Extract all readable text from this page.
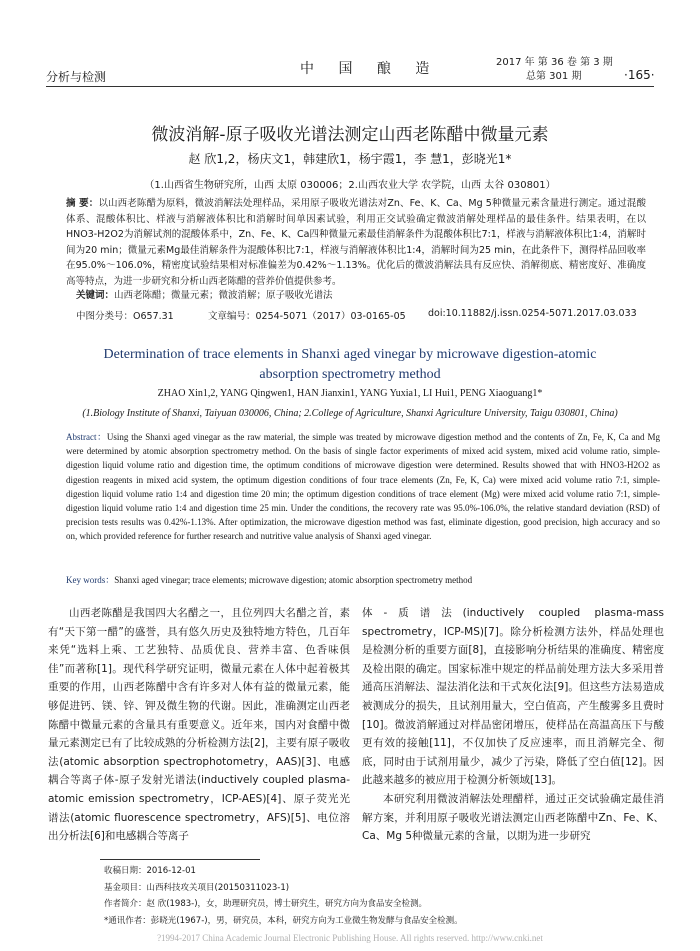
分析与检测	中 国 酿 造	2017 年 第 36 卷 第 3 期
总第 301 期	·165·
微波消解-原子吸收光谱法测定山西老陈醋中微量元素
赵 欣1,2，杨庆文1，韩建欣1，杨宇霞1，李 慧1，彭晓光1*
（1.山西省生物研究所，山西 太原 030006；2.山西农业大学 农学院，山西 太谷 030801）
摘 要：以山西老陈醋为原料，微波消解法处理样品，采用原子吸收光谱法对Zn、Fe、K、Ca、Mg 5种微量元素含量进行测定。通过混酸体系、混酸体积比、样液与消解液体积比和消解时间单因素试验，利用正交试验确定微波消解处理样品的最佳条件。结果表明，在以HNO3-H2O2为消解试剂的混酸体系中，Zn、Fe、K、Ca四种微量元素最佳消解条件为混酸体积比7:1，样液与消解液体积比1:4，消解时间为20 min；微量元素Mg最佳消解条件为混酸体积比7:1，样液与消解液体积比1:4，消解时间为25 min，在此条件下，测得样品回收率在95.0%～106.0%，精密度试验结果相对标准偏差为0.42%～1.13%。优化后的微波消解法具有反应快、消解彻底、精密度好、准确度高等特点，为进一步研究和分析山西老陈醋的营养价值提供参考。
关键词：山西老陈醋；微量元素；微波消解；原子吸收光谱法
中图分类号：O657.31	文章编号：0254-5071（2017）03-0165-05 doi:10.11882/j.issn.0254-5071.2017.03.033
Determination of trace elements in Shanxi aged vinegar by microwave digestion-atomic absorption spectrometry method
ZHAO Xin1,2, YANG Qingwen1, HAN Jianxin1, YANG Yuxia1, LI Hui1, PENG Xiaoguang1*
(1.Biology Institute of Shanxi, Taiyuan 030006, China; 2.College of Agriculture, Shanxi Agriculture University, Taigu 030801, China)
Abstract：Using the Shanxi aged vinegar as the raw material, the simple was treated by microwave digestion method and the contents of Zn, Fe, K, Ca and Mg were determined by atomic absorption spectrometry method. On the basis of single factor experiments of mixed acid system, mixed acid volume ratio, simple-digestion liquid volume ratio and digestion time, the optimum conditions of microwave digestion were determined. Results showed that with HNO3-H2O2 as digestion reagents in mixed acid system, the optimum digestion conditions of four trace elements (Zn, Fe, K, Ca) were mixed acid volume ratio 7:1, simple-digestion liquid volume ratio 1:4 and digestion time 20 min; the optimum digestion conditions of trace element (Mg) were mixed acid volume ratio 7:1, simple-digestion liquid volume ratio 1:4 and digestion time 25 min. Under the conditions, the recovery rate was 95.0%-106.0%, the relative standard deviation (RSD) of precision tests results was 0.42%-1.13%. After optimization, the microwave digestion method was fast, eliminate digestion, good precision, high accuracy and so on, which provided reference for further research and nutritive value analysis of Shanxi aged vinegar.
Key words：Shanxi aged vinegar; trace elements; microwave digestion; atomic absorption spectrometry method

山西老陈醋是我国四大名醋之一，且位列四大名醋之首，素有“天下第一醋”的盛誉，具有悠久历史及独特地方特色，几百年来凭“选料上乘、工艺独特、品质优良、营养丰富、色香味俱佳”而著称[1]。现代科学研究证明，微量元素在人体中起着极其重要的作用，山西老陈醋中含有许多对人体有益的微量元素，能够促进钙、镁、锌、钾及微生物的代谢。因此，准确测定山西老陈醋中微量元素的含量具有重要意义。近年来，国内对食醋中微量元素测定已有了比较成熟的分析检测方法[2]，主要有原子吸收法(atomic absorption spectrophotometry，AAS)[3]、电感耦合等离子体-原子发射光谱法(inductively coupled plasma-atomic emission spectrometry，ICP-AES)[4]、原子荧光光谱法(atomic fluorescence spectrometry，AFS)[5]、电位溶出分析法[6]和电感耦合等离子

体-质谱法(inductively coupled plasma-mass spectrometry，ICP-MS)[7]。除分析检测方法外，样品处理也是检测分析的重要方面[8]，直接影响分析结果的准确度、精密度及检出限的确定。国家标准中规定的样品前处理方法大多采用普通高压消解法、湿法消化法和干式灰化法[9]。但这些方法易造成被测成分的损失，且试剂用量大，空白值高，产生酸雾多且费时[10]。微波消解通过对样品密闭增压，使样品在高温高压下与酸更有效的接触[11]，不仅加快了反应速率，而且消解完全、彻底，同时由于试剂用量少，减少了污染，降低了空白值[12]。因此越来越多的被应用于检测分析领域[13]。

本研究利用微波消解法处理醋样，通过正交试验确定最佳消解方案，并利用原子吸收光谱法测定山西老陈醋中Zn、Fe、K、Ca、Mg 5种微量元素的含量，以期为进一步研究

收稿日期：2016-12-01
基金项目：山西科技攻关项目(20150311023-1)
作者简介：赵 欣(1983-)，女，助理研究员，博士研究生，研究方向为食品安全检测。
*通讯作者：彭晓光(1967-)，男，研究员，本科，研究方向为工业微生物发酵与食品安全检测。
?1994-2017 China Academic Journal Electronic Publishing House. All rights reserved. http://www.cnki.net
